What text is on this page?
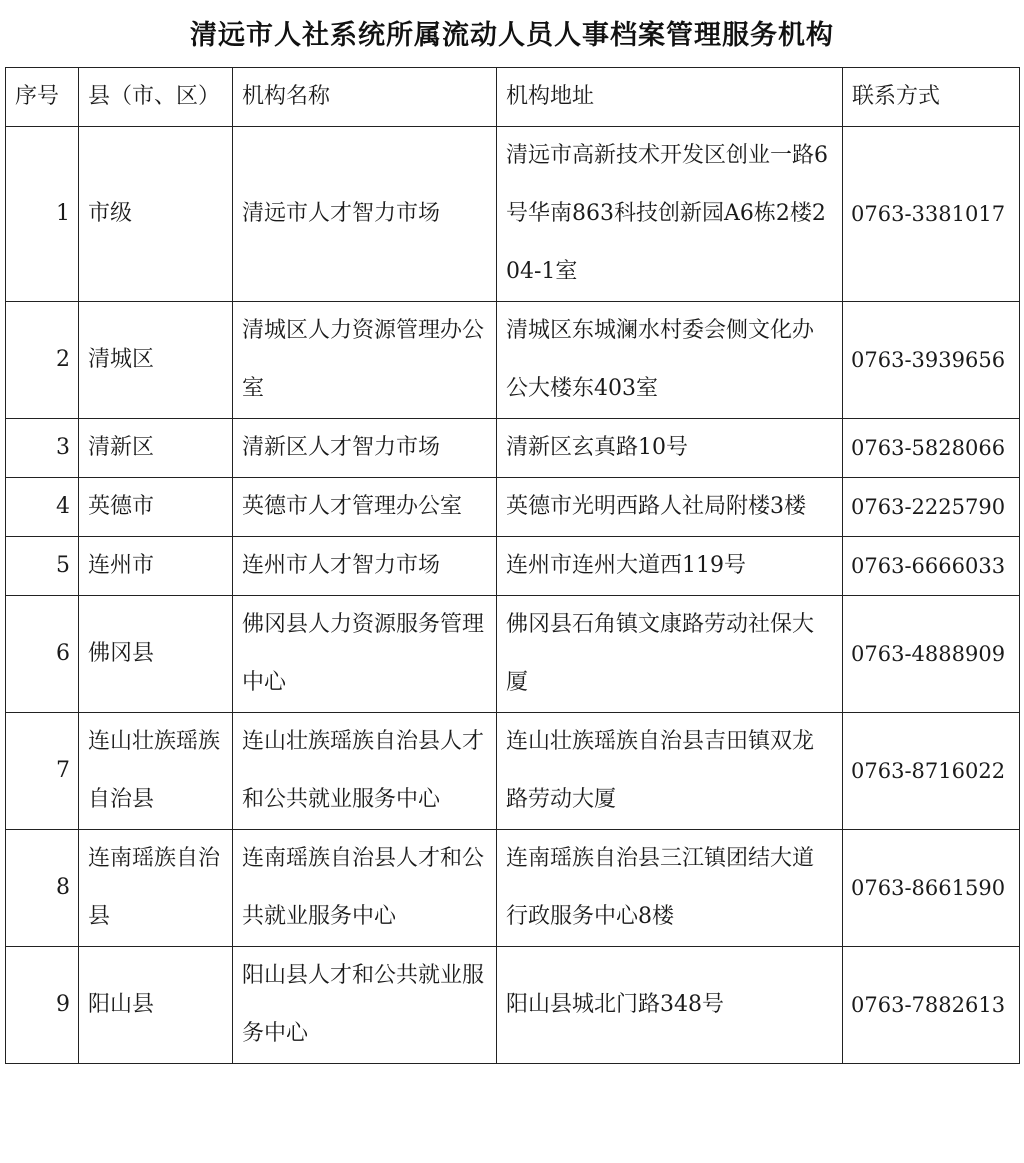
清远市人社系统所属流动人员人事档案管理服务机构
序号	县（市、区）	机构名称	机构地址	联系方式
1	市级	清远市人才智力市场	清远市高新技术开发区创业一路6号华南863科技创新园A6栋2楼204-1室	0763-3381017
2	清城区	清城区人力资源管理办公室	清城区东城澜水村委会侧文化办公大楼东403室	0763-3939656
3	清新区	清新区人才智力市场	清新区玄真路10号	0763-5828066
4	英德市	英德市人才管理办公室	英德市光明西路人社局附楼3楼	0763-2225790
5	连州市	连州市人才智力市场	连州市连州大道西119号	0763-6666033
6	佛冈县	佛冈县人力资源服务管理中心	佛冈县石角镇文康路劳动社保大厦	0763-4888909
7	连山壮族瑶族自治县	连山壮族瑶族自治县人才和公共就业服务中心	连山壮族瑶族自治县吉田镇双龙路劳动大厦	0763-8716022
8	连南瑶族自治县	连南瑶族自治县人才和公共就业服务中心	连南瑶族自治县三江镇团结大道行政服务中心8楼	0763-8661590
9	阳山县	阳山县人才和公共就业服务中心	阳山县城北门路348号	0763-7882613
